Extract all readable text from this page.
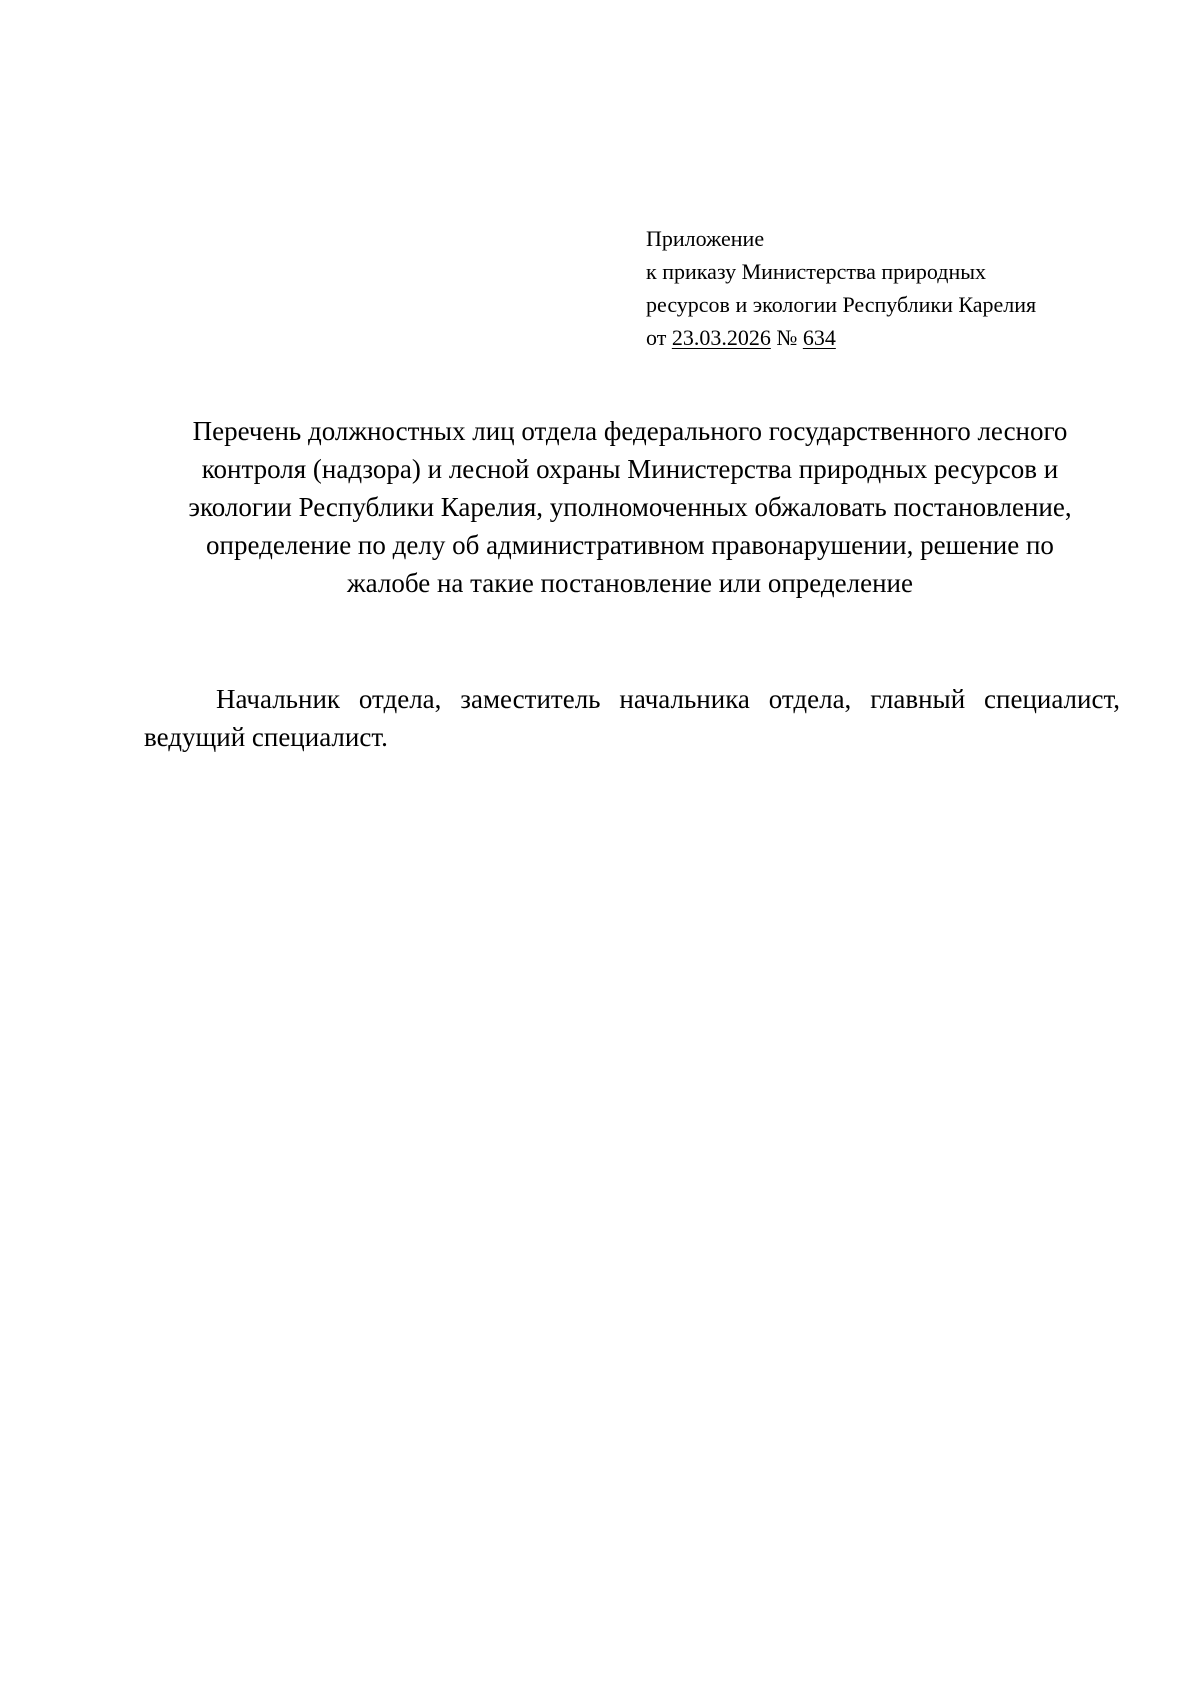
Приложение
к приказу Министерства природных
ресурсов и экологии Республики Карелия
от 23.03.2026 № 634
Перечень должностных лиц отдела федерального государственного лесного
контроля (надзора) и лесной охраны Министерства природных ресурсов и
экологии Республики Карелия, уполномоченных обжаловать постановление,
определение по делу об административном правонарушении, решение по
жалобе на такие постановление или определение
Начальник отдела, заместитель начальника отдела, главный специалист,
ведущий специалист.
